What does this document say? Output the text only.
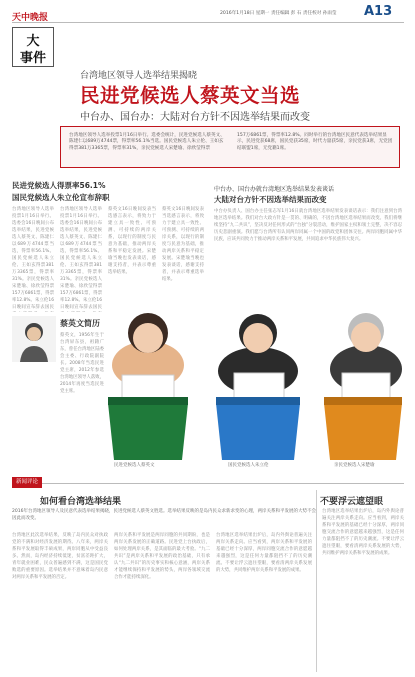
天中晚报	2016年1月18日 星期一 责任编辑 彭 石 责任校对 孙雨莹 A13
大
事件
台湾地区领导人选举结果揭晓
民进党候选人蔡英文当选
中台办、国台办：大陆对台方针不因选举结果而改变
台湾地区领导人选举投票1月16日举行。选委会统计，民进党候选人蔡英文、陈建仁以689万4744票，得票率56.1%当选。国民党候选人朱立伦、王如玄得票381万3365票，得票率31%，亲民党候选人宋楚瑜、徐欣莹得票
157万6861票，得票率12.8%。同时举行的台湾地区民意代表选举结果显示，民进党获68席，国民党获35席，时代力量获5席，亲民党获3席，无党团结联盟1席，无党籍1席。
民进党候选人得票率56.1%
国民党候选人朱立伦宣布辞职
台湾地区领导人选举投票1月16日举行。选委会16日晚间公布选举结果，民进党候选人蔡英文、陈建仁以689万4744票当选，得票率56.1%。国民党候选人朱立伦、王如玄得票381万3365票，得票率31%。亲民党候选人宋楚瑜、徐欣莹得票157万6861票，得票率12.8%。朱立伦16日晚间宣布辞去国民
台湾地区领导人选举投票1月16日举行。选委会16日晚间公布选举结果，民进党候选人蔡英文、陈建仁以689万4744票当选，得票率56.1%。国民党候选人朱立伦、王如玄得票381万3365票，得票率31%。亲民党候选人宋楚瑜、徐欣莹得票157万6861票，得票率12.8%。朱立伦16日晚间宣布辞去国民
蔡英文16日晚间发表当选感言表示，将致力于建立具一致性、可预测、可持续的两岸关系，以现行的制度与民意为基础，推动两岸关系和平稳定发展。宋楚瑜当晚也发表谈话，感谢支持者，并表示尊重选举结果。
蔡英文16日晚间发表当选感言表示，将致力于建立具一致性、可预测、可持续的两岸关系，以现行的制度与民意为基础，推动两岸关系和平稳定发展。宋楚瑜当晚也发表谈话，感谢支持者，并表示尊重选举结果。
中台办、国台办就台湾地区选举结果发表谈话
大陆对台方针不因选举结果而改变
中台办负责人、国台办主任张志军1月16日就台湾地区选举结果发表谈话表示：我们注意到台湾地区选举结果。我们对台大政方针是一贯的、明确的，不因台湾地区选举结果而改变。我们将继续坚持“九二共识”，坚决反对任何形式的“台独”分裂活动，维护国家主权和领土完整，决不容忍历史悲剧重演。我们愿与台湾所有认同两岸同属一个中国的政党和团体交往。两岸同胞同属中华民族，应该共同致力于推动两岸关系和平发展，共同追求中华民族伟大复兴。
蔡英文简历
蔡英文，1956年生于台湾屏东县，祖籍广东，曾任台湾地区陆委会主委、行政院副院长。2008年当选民进党主席，2012年参选台湾地区领导人落败，2014年再度当选民进党主席。
民进党候选人蔡英文	国民党候选人朱立伦	亲民党候选人宋楚瑜
新闻评论
如何看台湾选举结果	不要浮云遮望眼
2016年台湾地区领导人及民意代表选举结果揭晓，民进党候选人蔡英文胜选。选举结果反映的是岛内民众求新求变的心理，两岸关系和平发展的大势不会因此而改变。
台湾地区此次选举结果，反映了岛内民众对执政党的不满和对经济发展的期待。八年来，两岸关系和平发展取得丰硕成果，两岸同胞从中受益良多。然而，岛内经济持续低迷，贫富差距扩大，青年就业困难，民众普遍感到不满，这是国民党败选的重要原因。选举结果并不意味着岛内民意对两岸关系和平发展的否定。
两岸关系和平发展是两岸同胞的共同期盼，也是两岸关系发展的正确道路。民进党上台执政后，如何处理两岸关系，是其面临的最大考验。“九二共识”是两岸关系和平发展的政治基础，只有承认“九二共识”的历史事实和核心意涵，两岸关系才能继续保持和平发展的势头，两岸各领域交流合作才能持续深化。
台湾地区选举结果出炉后，岛内外舆论普遍关注两岸关系走向。应当看到，两岸关系和平发展的基础已经十分深厚，两岸同胞交流合作的意愿越来越强烈，这是任何力量都阻挡不了的历史潮流。不要让浮云遮住望眼，要看清两岸关系发展的大势，共同维护两岸关系和平发展的成果。
台湾地区选举结果出炉后，岛内外舆论普遍关注两岸关系走向。应当看到，两岸关系和平发展的基础已经十分深厚，两岸同胞交流合作的意愿越来越强烈，这是任何力量都阻挡不了的历史潮流。不要让浮云遮住望眼，要看清两岸关系发展的大势，共同维护两岸关系和平发展的成果。
